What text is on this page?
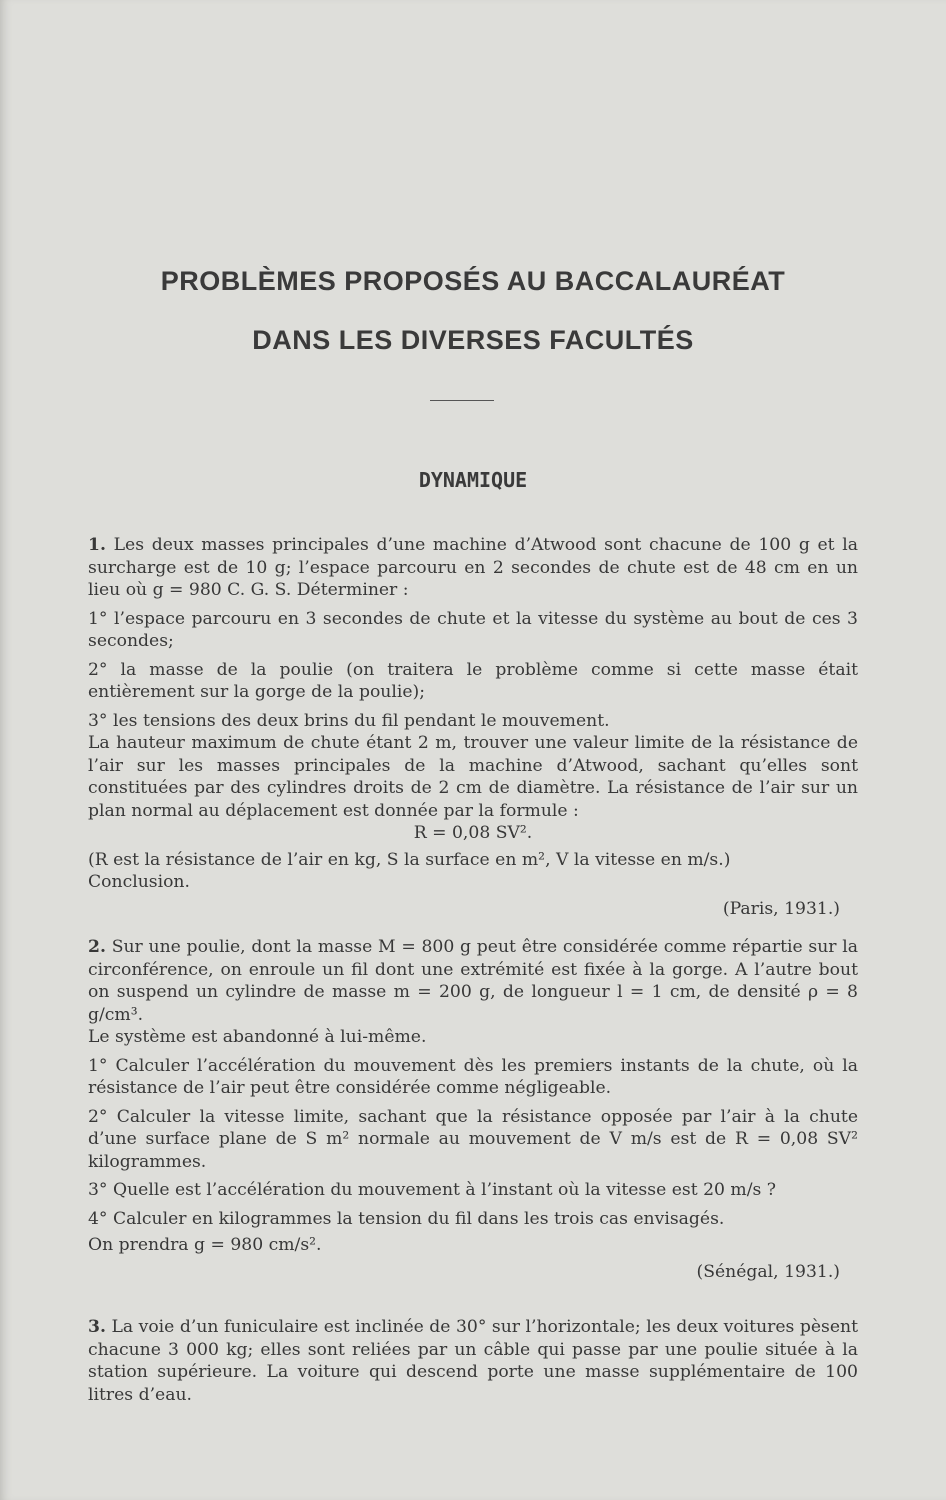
PROBLÈMES PROPOSÉS AU BACCALAURÉAT
DANS LES DIVERSES FACULTÉS
DYNAMIQUE

1. Les deux masses principales d’une machine d’Atwood sont chacune de 100 g et la surcharge est de 10 g; l’espace parcouru en 2 secondes de chute est de 48 cm en un lieu où g = 980 C. G. S. Déterminer :

1° l’espace parcouru en 3 secondes de chute et la vitesse du système au bout de ces 3 secondes;

2° la masse de la poulie (on traitera le problème comme si cette masse était entièrement sur la gorge de la poulie);

3° les tensions des deux brins du fil pendant le mouvement.

La hauteur maximum de chute étant 2 m, trouver une valeur limite de la résistance de l’air sur les masses principales de la machine d’Atwood, sachant qu’elles sont constituées par des cylindres droits de 2 cm de diamètre. La résistance de l’air sur un plan normal au déplacement est donnée par la formule :

R = 0,08 SV².

(R est la résistance de l’air en kg, S la surface en m², V la vitesse en m/s.)

Conclusion.

(Paris, 1931.)

2. Sur une poulie, dont la masse M = 800 g peut être considérée comme répartie sur la circonférence, on enroule un fil dont une extrémité est fixée à la gorge. A l’autre bout on suspend un cylindre de masse m = 200 g, de longueur l = 1 cm, de densité ρ = 8 g/cm³.

Le système est abandonné à lui-même.

1° Calculer l’accélération du mouvement dès les premiers instants de la chute, où la résistance de l’air peut être considérée comme négligeable.

2° Calculer la vitesse limite, sachant que la résistance opposée par l’air à la chute d’une surface plane de S m² normale au mouvement de V m/s est de R = 0,08 SV² kilogrammes.

3° Quelle est l’accélération du mouvement à l’instant où la vitesse est 20 m/s ?

4° Calculer en kilogrammes la tension du fil dans les trois cas envisagés.

On prendra g = 980 cm/s².

(Sénégal, 1931.)

3. La voie d’un funiculaire est inclinée de 30° sur l’horizontale; les deux voitures pèsent chacune 3 000 kg; elles sont reliées par un câble qui passe par une poulie située à la station supérieure. La voiture qui descend porte une masse supplémentaire de 100 litres d’eau.
